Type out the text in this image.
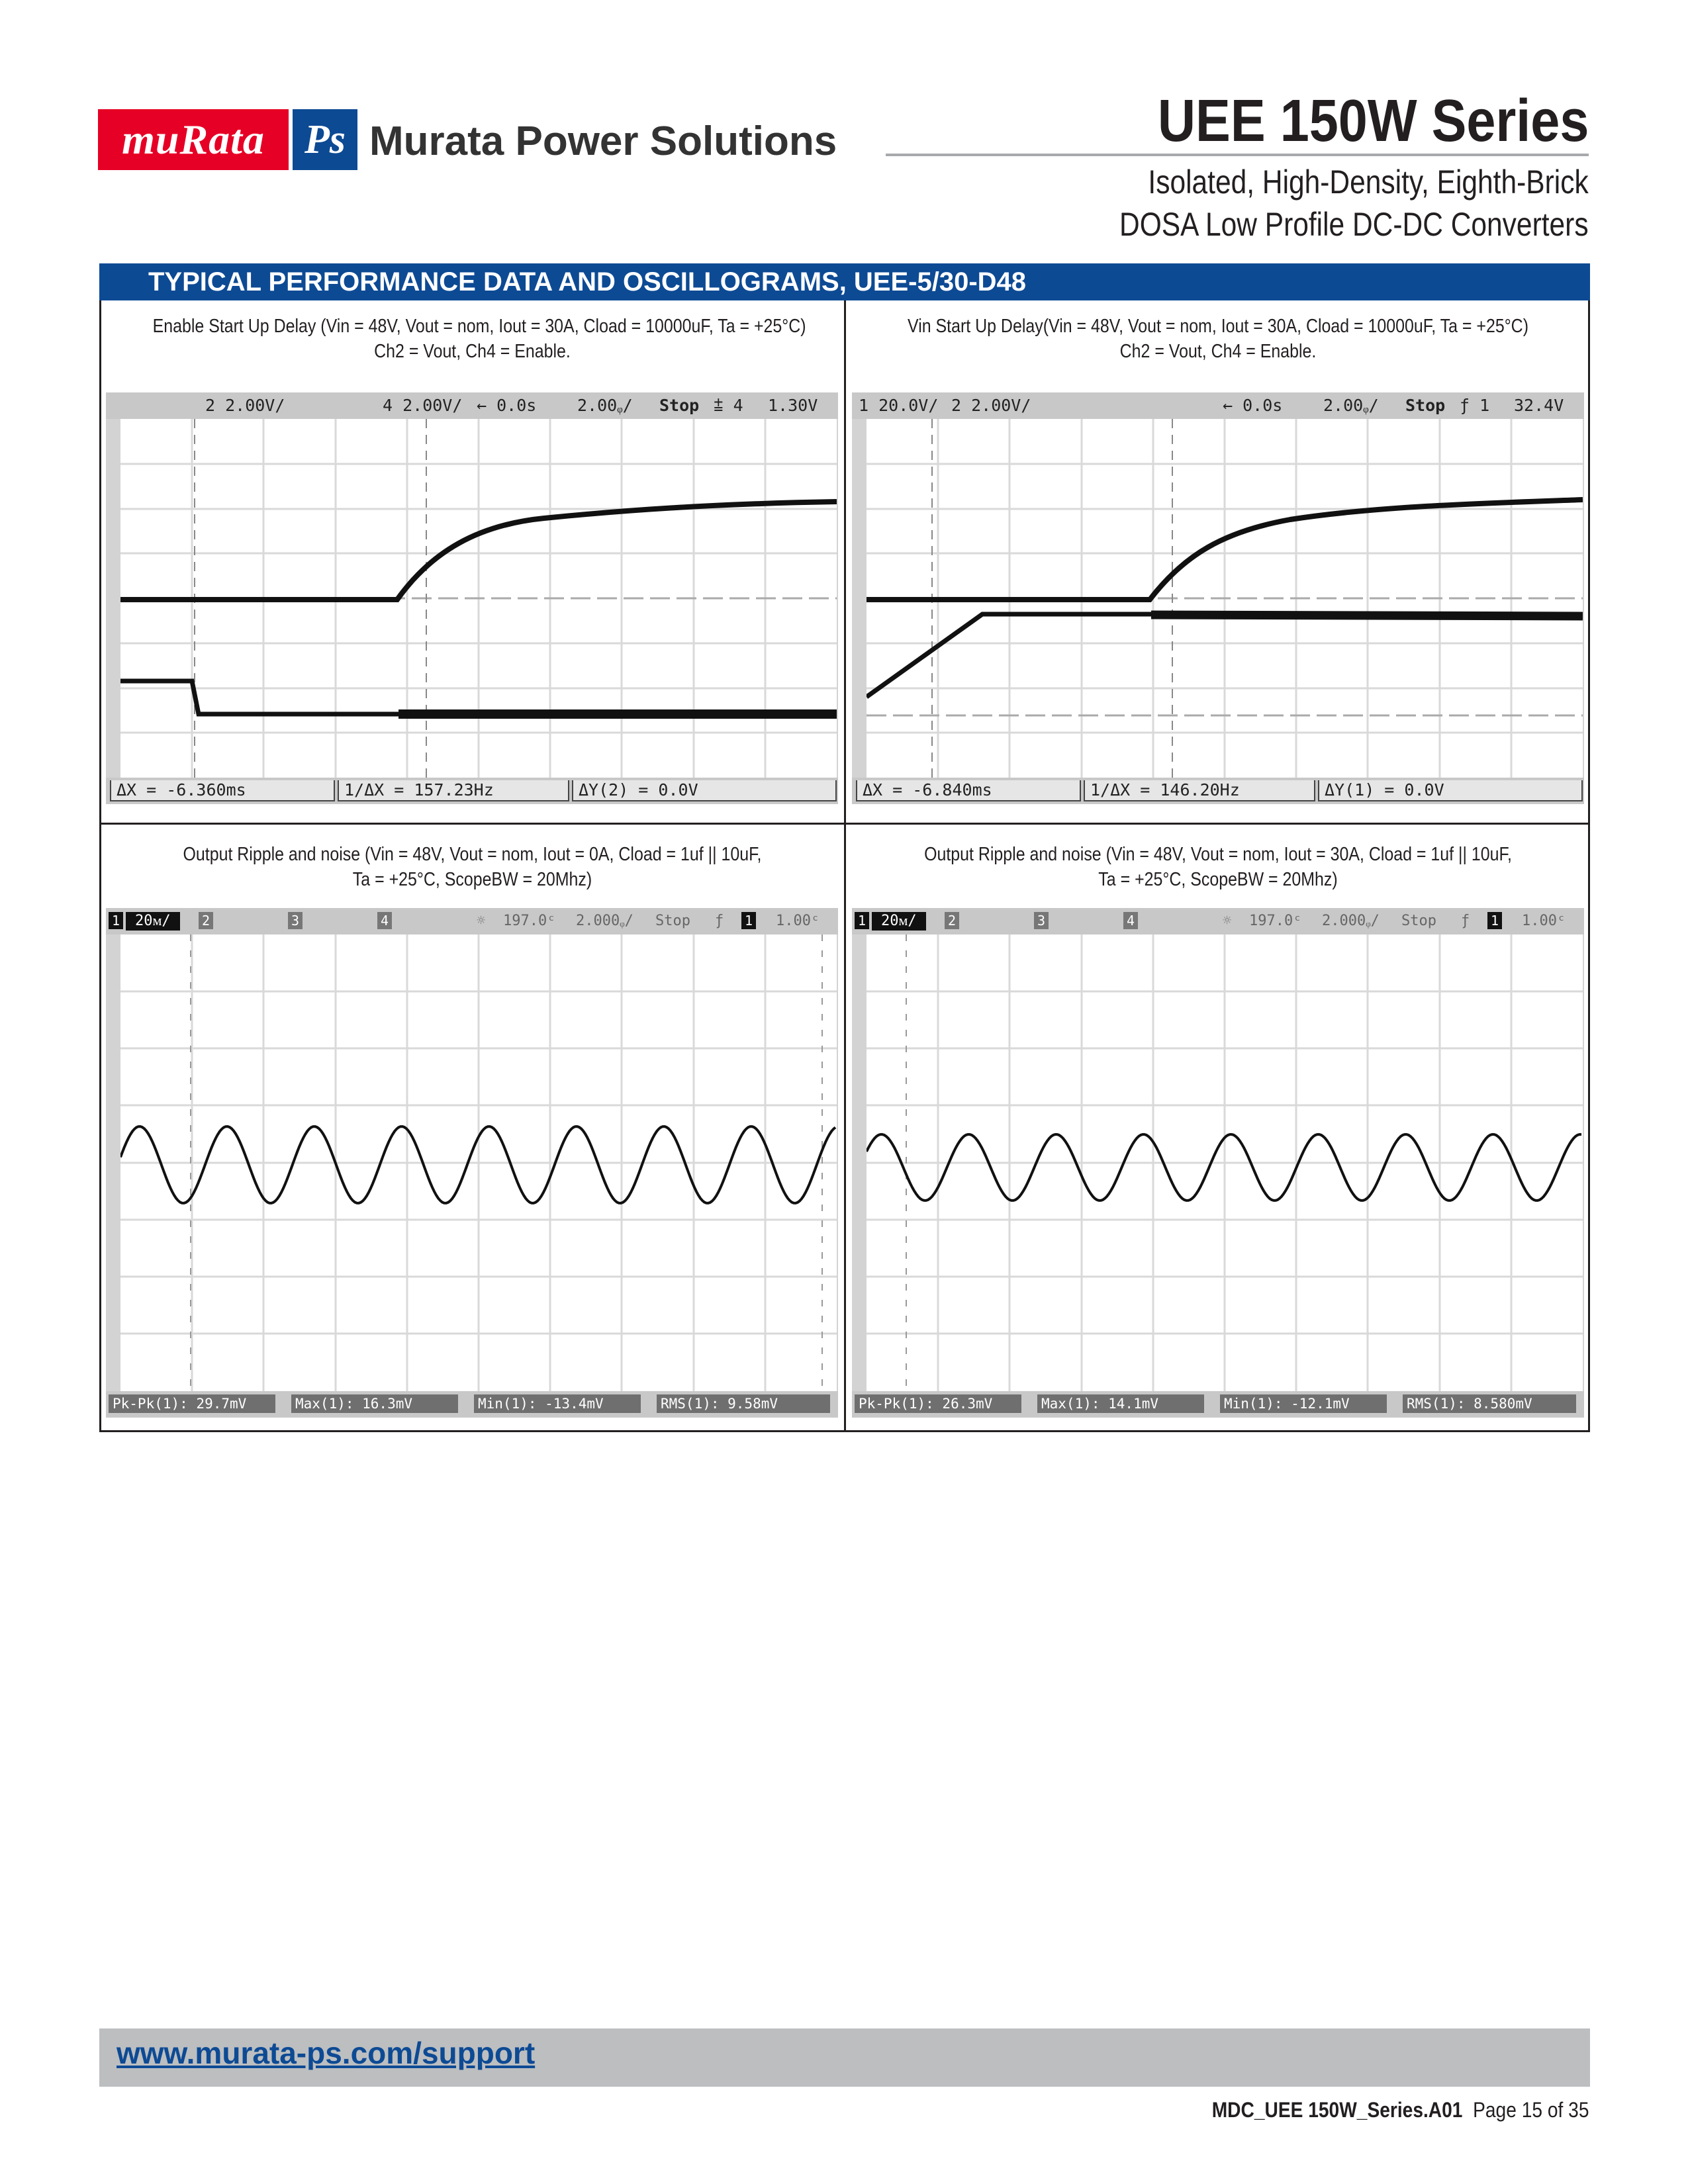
muRata Ps Murata Power Solutions	UEE 150W Series
Isolated, High-Density, Eighth-Brick
DOSA Low Profile DC-DC Converters
TYPICAL PERFORMANCE DATA AND OSCILLOGRAMS, UEE-5/30-D48
Enable Start Up Delay (Vin = 48V, Vout = nom, Iout = 30A, Cload = 10000uF, Ta = +25°C)
Ch2 = Vout, Ch4 = Enable.
Vin Start Up Delay(Vin = 48V, Vout = nom, Iout = 30A, Cload = 10000uF, Ta = +25°C)
Ch2 = Vout, Ch4 = Enable.
Output Ripple and noise (Vin = 48V, Vout = nom, Iout = 0A, Cload = 1uf || 10uF,
Ta = +25°C, ScopeBW = 20Mhz)
Output Ripple and noise (Vin = 48V, Vout = nom, Iout = 30A, Cload = 1uf || 10uF,
Ta = +25°C, ScopeBW = 20Mhz)
2 2.00V/	4 2.00V/ ← 0.0s 2.00ᵩ/ Stop ⩲ 4 1.30V
ΔX = -6.360ms	1/ΔX = 157.23Hz	ΔY(2) = 0.0V
1 20.0V/ 2 2.00V/	← 0.0s 2.00ᵩ/ Stop ƒ 1 32.4V
ΔX = -6.840ms	1/ΔX = 146.20Hz	ΔY(1) = 0.0V
1	20ᴍ/	2	3	4	☼ 197.0ᶜ 2.000ᵩ/ Stop ƒ 1 1.00ᶜ
Pk-Pk(1): 29.7mV	Max(1): 16.3mV	Min(1): -13.4mV	RMS(1): 9.58mV
1	20ᴍ/	2	3	4	☼ 197.0ᶜ 2.000ᵩ/ Stop ƒ 1 1.00ᶜ
Pk-Pk(1): 26.3mV	Max(1): 14.1mV	Min(1): -12.1mV	RMS(1): 8.580mV
www.murata-ps.com/support
MDC_UEE 150W_Series.A01 Page 15 of 35
